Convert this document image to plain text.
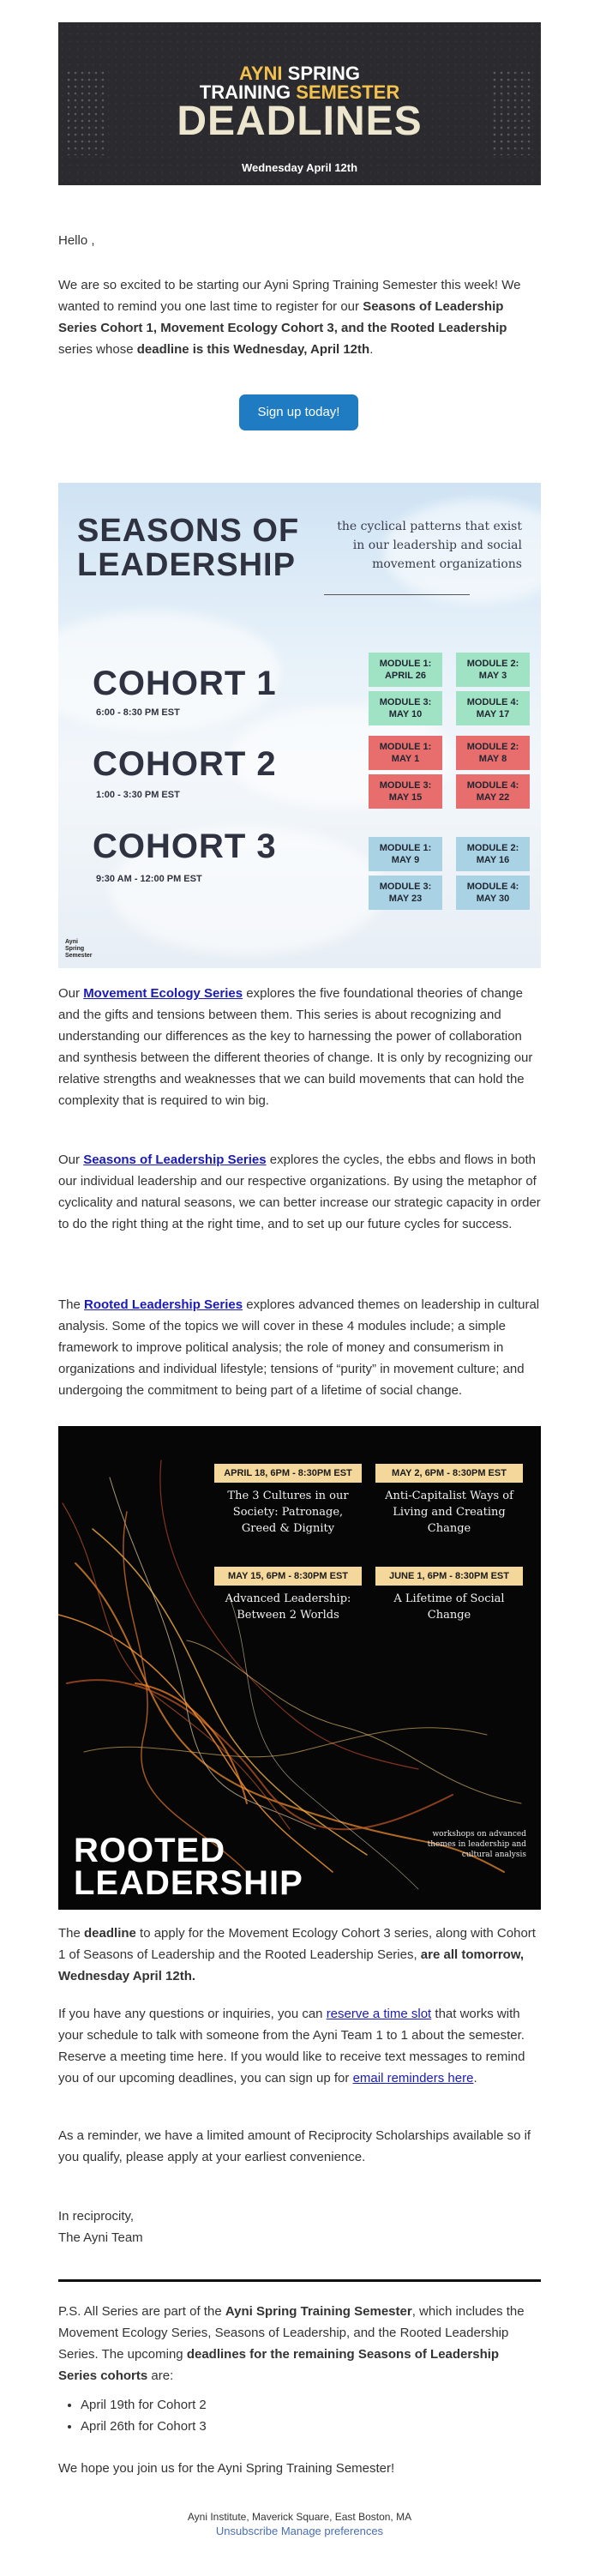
AYNI SPRING
TRAINING SEMESTER
DEADLINES
Wednesday April 12th

Hello ,

We are so excited to be starting our Ayni Spring Training Semester this week! We wanted to remind you one last time to register for our Seasons of Leadership Series Cohort 1, Movement Ecology Cohort 3, and the Rooted Leadership series whose deadline is this Wednesday, April 12th.

Sign up today!
SEASONS OF
LEADERSHIP
the cyclical patterns that exist in our leadership and social movement organizations
COHORT 1
6:00 - 8:30 PM EST
COHORT 2
1:00 - 3:30 PM EST
COHORT 3
9:30 AM - 12:00 PM EST
MODULE 1:
APRIL 26
MODULE 2:
MAY 3
MODULE 3:
MAY 10
MODULE 4:
MAY 17
MODULE 1:
MAY 1
MODULE 2:
MAY 8
MODULE 3:
MAY 15
MODULE 4:
MAY 22
MODULE 1:
MAY 9
MODULE 2:
MAY 16
MODULE 3:
MAY 23
MODULE 4:
MAY 30
Ayni
Spring
Semester

Our Movement Ecology Series explores the five foundational theories of change and the gifts and tensions between them. This series is about recognizing and understanding our differences as the key to harnessing the power of collaboration and synthesis between the different theories of change. It is only by recognizing our relative strengths and weaknesses that we can build movements that can hold the complexity that is required to win big.

Our Seasons of Leadership Series explores the cycles, the ebbs and flows in both our individual leadership and our respective organizations. By using the metaphor of cyclicality and natural seasons, we can better increase our strategic capacity in order to do the right thing at the right time, and to set up our future cycles for success.

The Rooted Leadership Series explores advanced themes on leadership in cultural analysis. Some of the topics we will cover in these 4 modules include; a simple framework to improve political analysis; the role of money and consumerism in organizations and individual lifestyle; tensions of “purity” in movement culture; and undergoing the commitment to being part of a lifetime of social change.

APRIL 18, 6PM - 8:30PM EST
The 3 Cultures in our Society: Patronage, Greed & Dignity
MAY 2, 6PM - 8:30PM EST
Anti-Capitalist Ways of Living and Creating Change
MAY 15, 6PM - 8:30PM EST
Advanced Leadership: Between 2 Worlds
JUNE 1, 6PM - 8:30PM EST
A Lifetime of Social Change
workshops on advanced themes in leadership and cultural analysis
ROOTED
LEADERSHIP

The deadline to apply for the Movement Ecology Cohort 3 series, along with Cohort 1 of Seasons of Leadership and the Rooted Leadership Series, are all tomorrow, Wednesday April 12th.

If you have any questions or inquiries, you can reserve a time slot that works with your schedule to talk with someone from the Ayni Team 1 to 1 about the semester. Reserve a meeting time here. If you would like to receive text messages to remind you of our upcoming deadlines, you can sign up for email reminders here.

As a reminder, we have a limited amount of Reciprocity Scholarships available so if you qualify, please apply at your earliest convenience.

In reciprocity,
The Ayni Team

P.S. All Series are part of the Ayni Spring Training Semester, which includes the Movement Ecology Series, Seasons of Leadership, and the Rooted Leadership Series. The upcoming deadlines for the remaining Seasons of Leadership Series cohorts are:

• April 19th for Cohort 2
• April 26th for Cohort 3

We hope you join us for the Ayni Spring Training Semester!

Ayni Institute, Maverick Square, East Boston, MA
Unsubscribe Manage preferences
